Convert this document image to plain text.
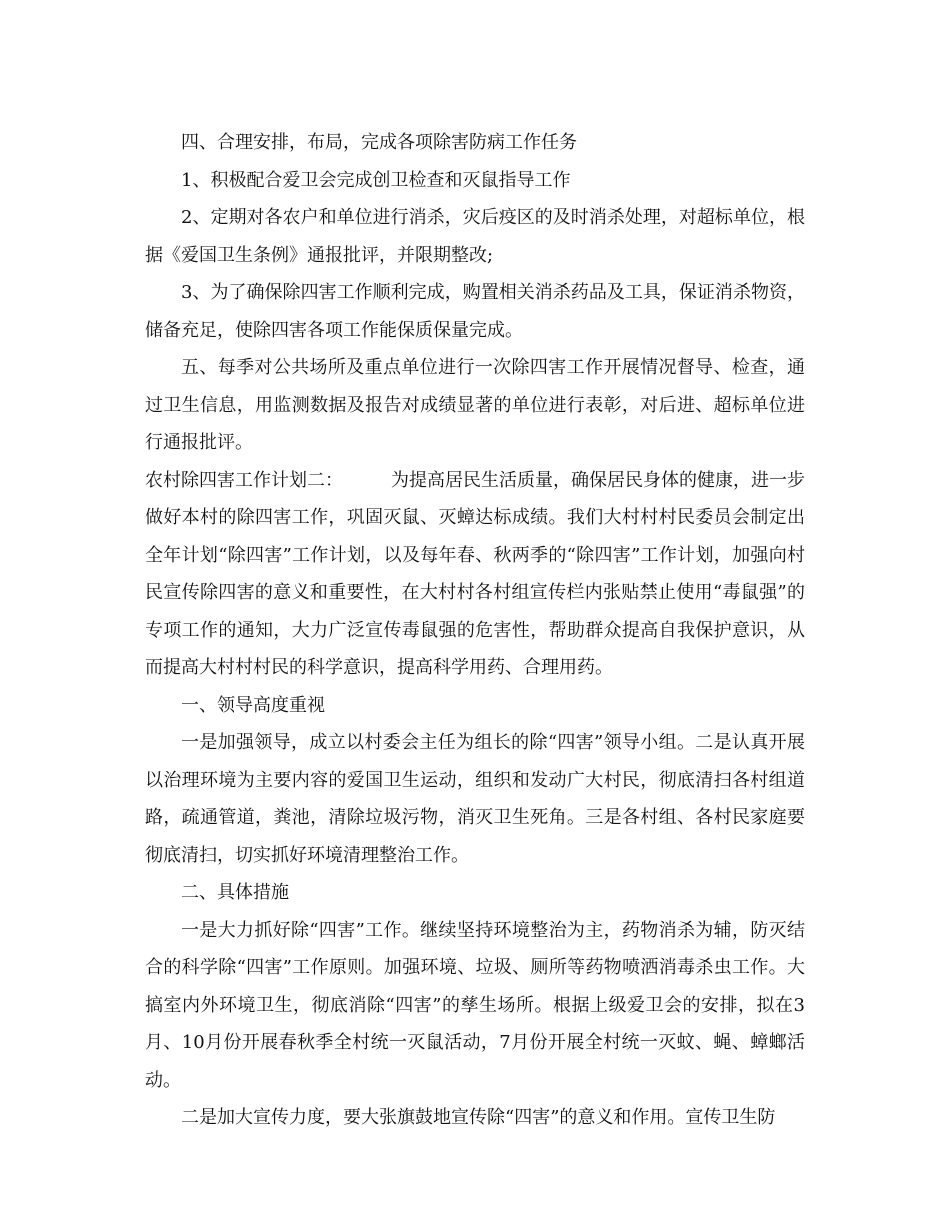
四、合理安排，布局，完成各项除害防病工作任务

1、积极配合爱卫会完成创卫检查和灭鼠指导工作

2、定期对各农户和单位进行消杀，灾后疫区的及时消杀处理，对超标单位，根据《爱国卫生条例》通报批评，并限期整改;

3、为了确保除四害工作顺利完成，购置相关消杀药品及工具，保证消杀物资，储备充足，使除四害各项工作能保质保量完成。

五、每季对公共场所及重点单位进行一次除四害工作开展情况督导、检查，通过卫生信息，用监测数据及报告对成绩显著的单位进行表彰，对后进、超标单位进行通报批评。

农村除四害工作计划二：	为提高居民生活质量，确保居民身体的健康，进一步做好本村的除四害工作，巩固灭鼠、灭蟑达标成绩。我们大村村村民委员会制定出全年计划“除四害”工作计划，以及每年春、秋两季的“除四害”工作计划，加强向村民宣传除四害的意义和重要性，在大村村各村组宣传栏内张贴禁止使用“毒鼠强”的专项工作的通知，大力广泛宣传毒鼠强的危害性，帮助群众提高自我保护意识，从而提高大村村村民的科学意识，提高科学用药、合理用药。

一、领导高度重视

一是加强领导，成立以村委会主任为组长的除“四害”领导小组。二是认真开展以治理环境为主要内容的爱国卫生运动，组织和发动广大村民，彻底清扫各村组道路，疏通管道，粪池，清除垃圾污物，消灭卫生死角。三是各村组、各村民家庭要彻底清扫，切实抓好环境清理整治工作。

二、具体措施

一是大力抓好除“四害”工作。继续坚持环境整治为主，药物消杀为辅，防灭结合的科学除“四害”工作原则。加强环境、垃圾、厕所等药物喷洒消毒杀虫工作。大搞室内外环境卫生，彻底消除“四害”的孳生场所。根据上级爱卫会的安排，拟在3月、10月份开展春秋季全村统一灭鼠活动，7月份开展全村统一灭蚊、蝇、蟑螂活动。

二是加大宣传力度，要大张旗鼓地宣传除“四害”的意义和作用。宣传卫生防
